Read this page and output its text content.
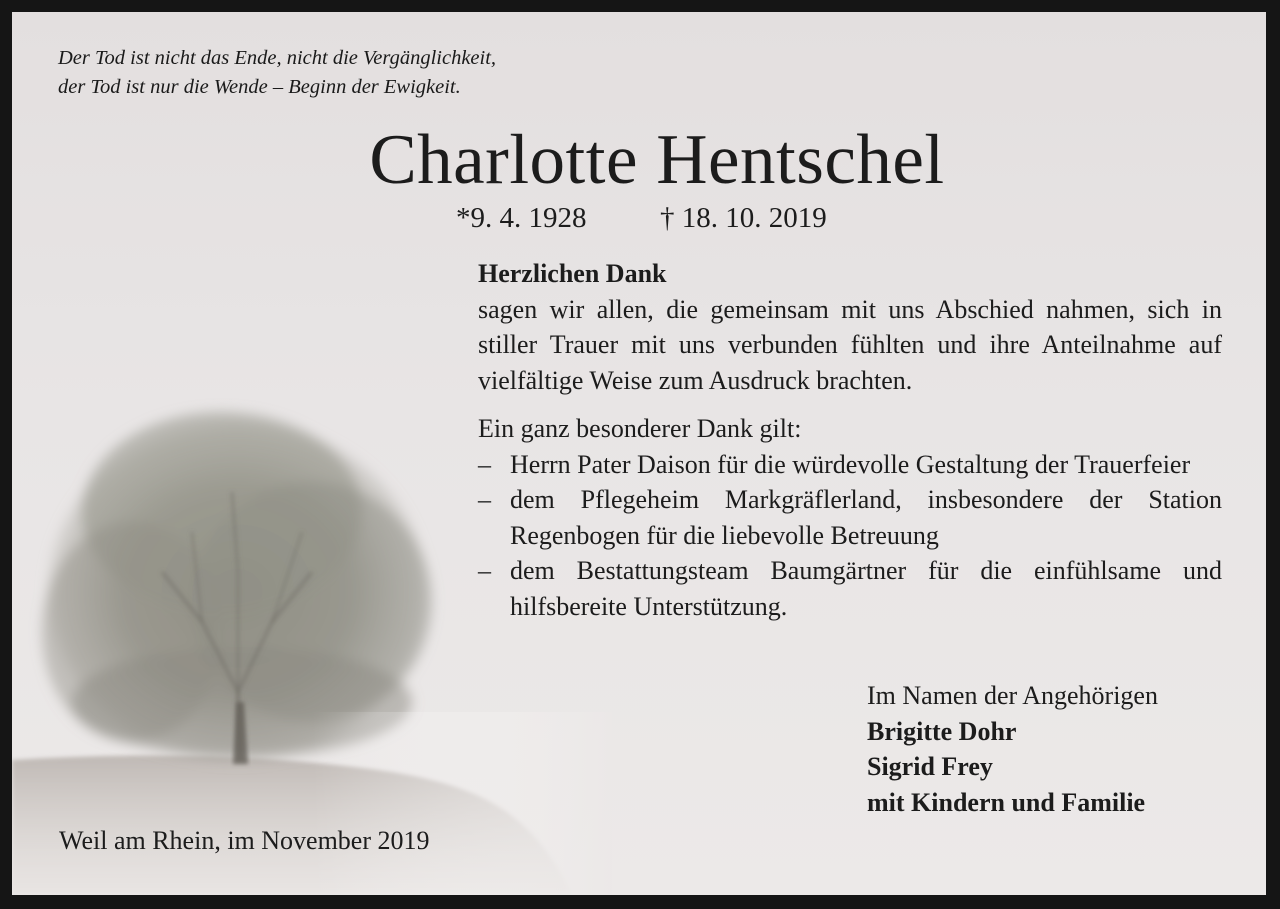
Der Tod ist nicht das Ende, nicht die Vergänglichkeit,
der Tod ist nur die Wende – Beginn der Ewigkeit.
Charlotte Hentschel
*9. 4. 1928	† 18. 10. 2019
Herzlichen Dank
sagen wir allen, die gemeinsam mit uns Abschied nahmen, sich in stiller Trauer mit uns verbunden fühlten und ihre Anteilnahme auf vielfältige Weise zum Ausdruck brachten.
Ein ganz besonderer Dank gilt:
– Herrn Pater Daison für die würdevolle Gestaltung der Trauerfeier
– dem Pflegeheim Markgräflerland, insbesondere der Station Regenbogen für die liebevolle Betreuung
– dem Bestattungsteam Baumgärtner für die einfühlsame und hilfsbereite Unterstützung.
Im Namen der Angehörigen
Brigitte Dohr
Sigrid Frey
mit Kindern und Familie
Weil am Rhein, im November 2019
